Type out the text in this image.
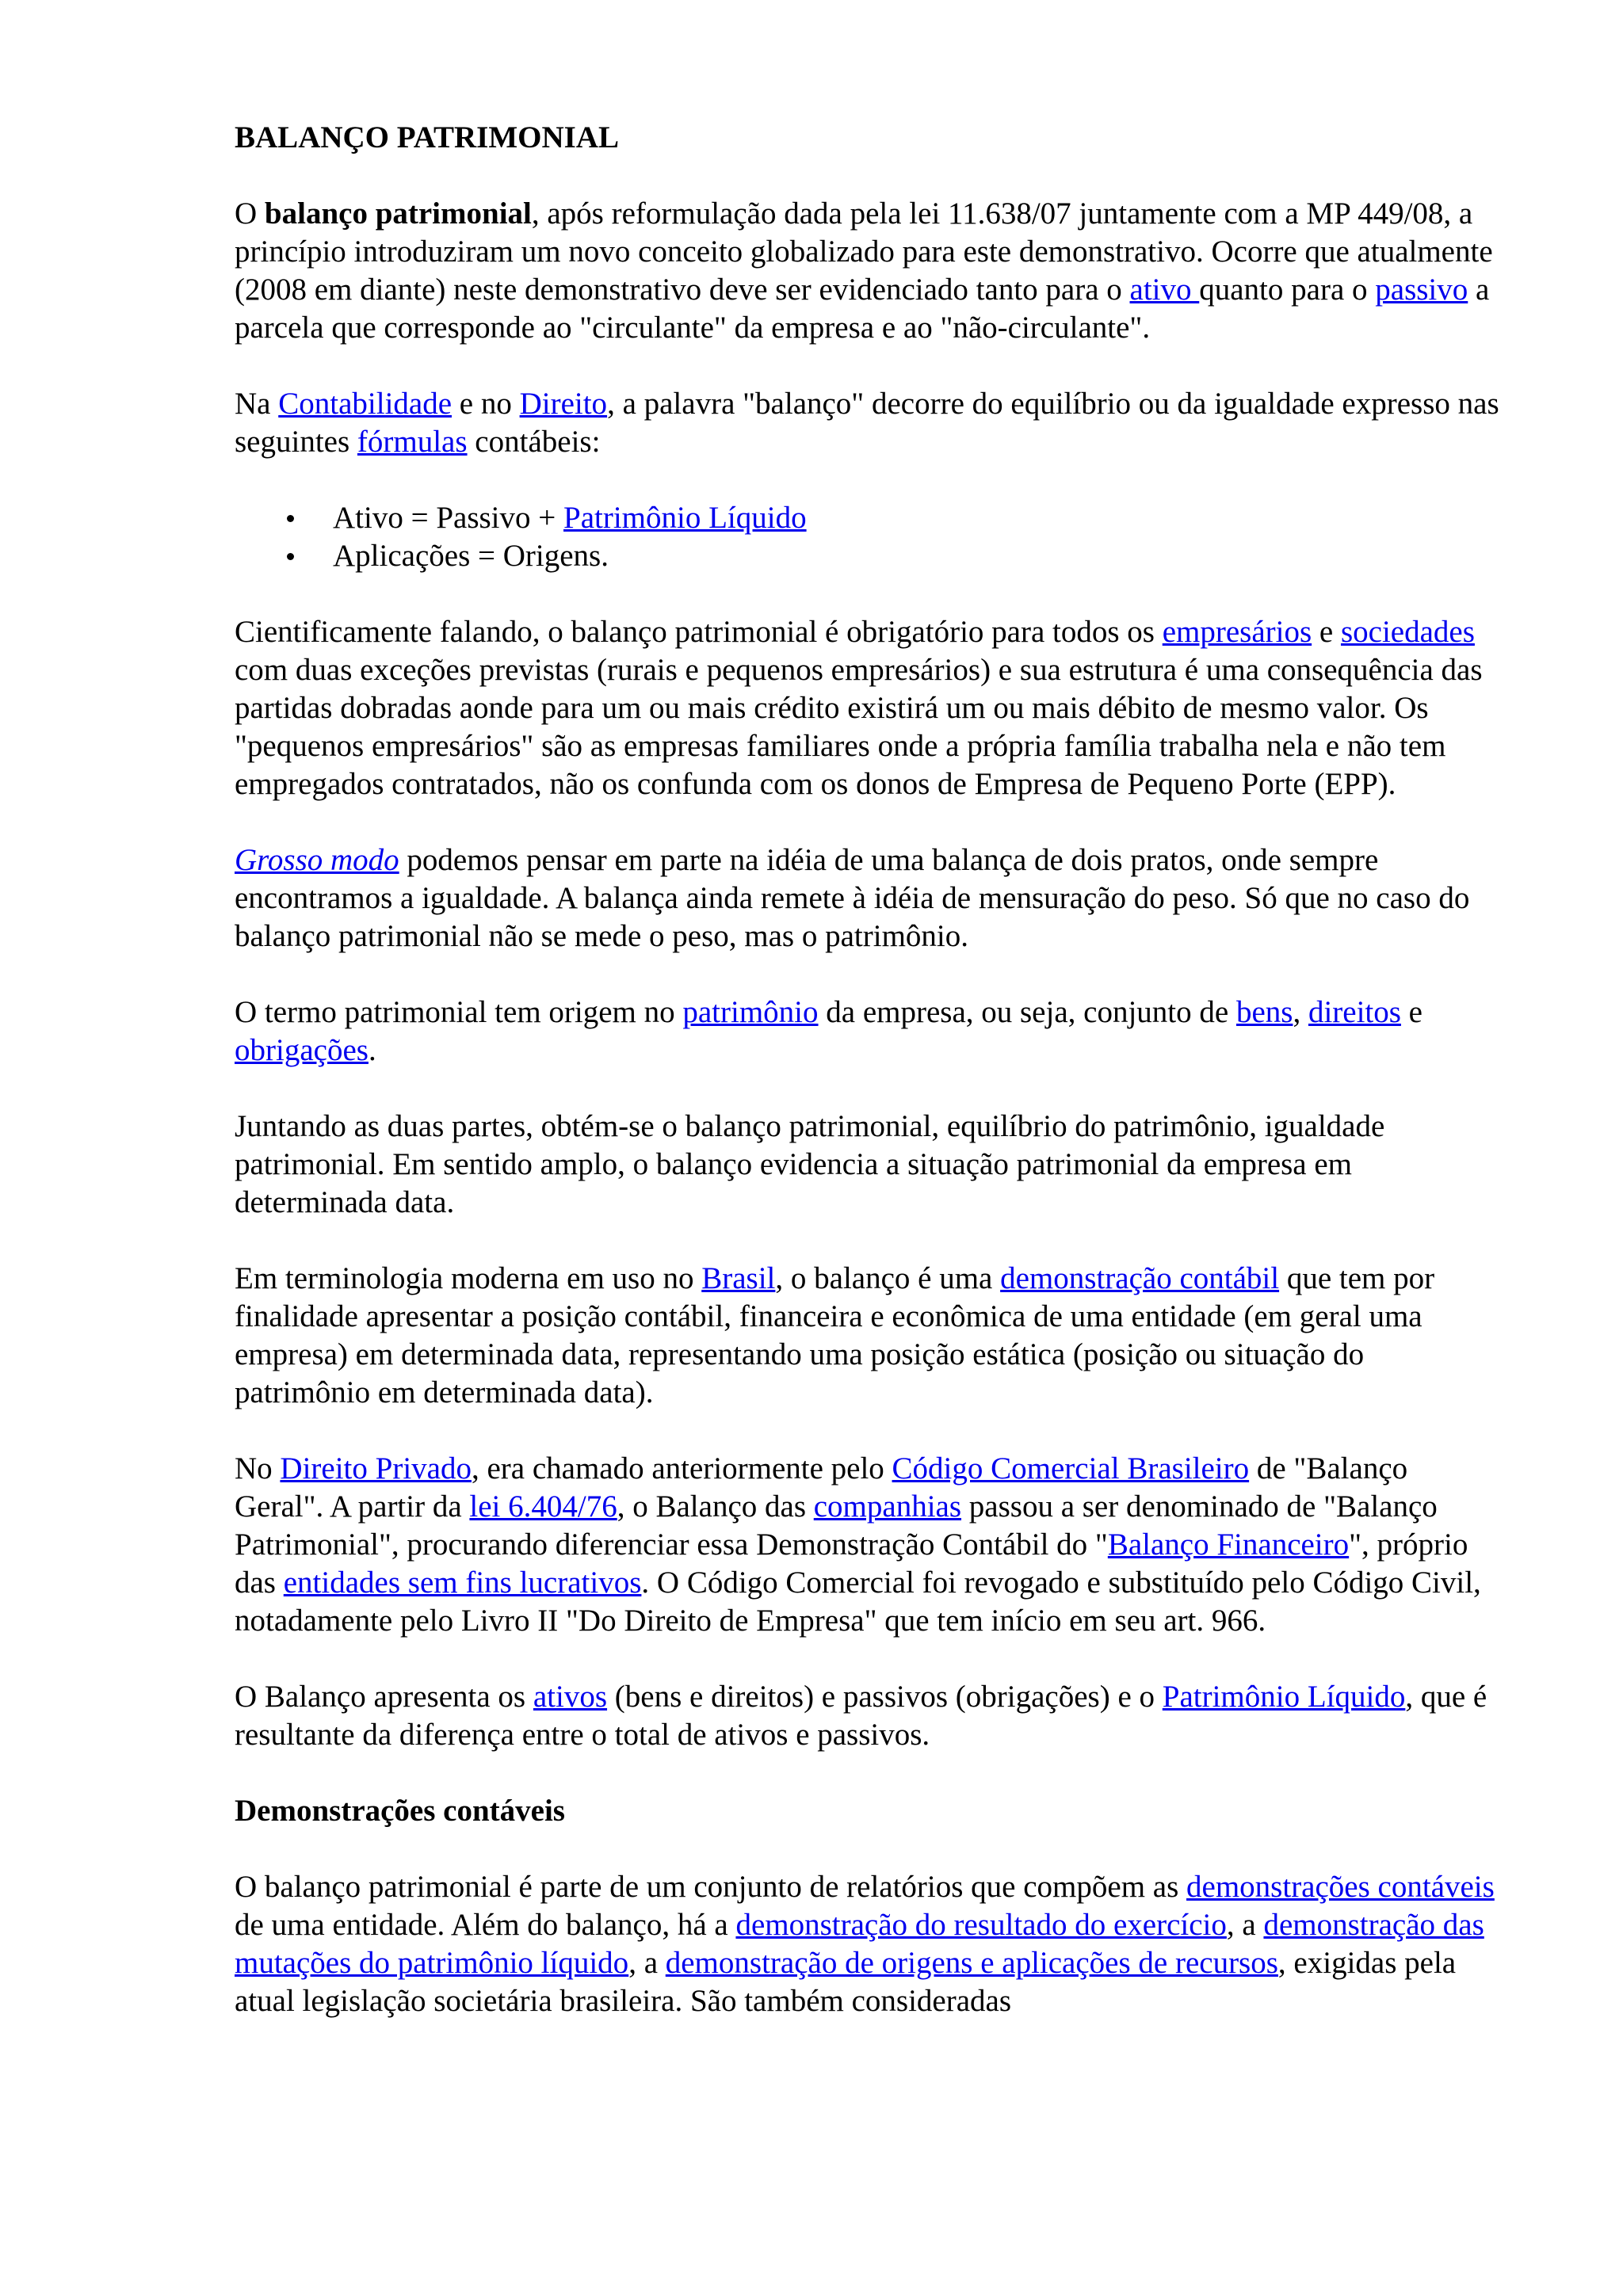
BALANÇO PATRIMONIAL

O balanço patrimonial, após reformulação dada pela lei 11.638/07 juntamente com a MP 449/08, a princípio introduziram um novo conceito globalizado para este demonstrativo. Ocorre que atualmente (2008 em diante) neste demonstrativo deve ser evidenciado tanto para o ativo quanto para o passivo a parcela que corresponde ao "circulante" da empresa e ao "não-circulante".

Na Contabilidade e no Direito, a palavra "balanço" decorre do equilíbrio ou da igualdade expresso nas seguintes fórmulas contábeis:

Ativo = Passivo + Patrimônio Líquido
Aplicações = Origens.

Cientificamente falando, o balanço patrimonial é obrigatório para todos os empresários e sociedades com duas exceções previstas (rurais e pequenos empresários) e sua estrutura é uma consequência das partidas dobradas aonde para um ou mais crédito existirá um ou mais débito de mesmo valor. Os "pequenos empresários" são as empresas familiares onde a própria família trabalha nela e não tem empregados contratados, não os confunda com os donos de Empresa de Pequeno Porte (EPP).

Grosso modo podemos pensar em parte na idéia de uma balança de dois pratos, onde sempre encontramos a igualdade. A balança ainda remete à idéia de mensuração do peso. Só que no caso do balanço patrimonial não se mede o peso, mas o patrimônio.

O termo patrimonial tem origem no patrimônio da empresa, ou seja, conjunto de bens, direitos e obrigações.

Juntando as duas partes, obtém-se o balanço patrimonial, equilíbrio do patrimônio, igualdade patrimonial. Em sentido amplo, o balanço evidencia a situação patrimonial da empresa em determinada data.

Em terminologia moderna em uso no Brasil, o balanço é uma demonstração contábil que tem por finalidade apresentar a posição contábil, financeira e econômica de uma entidade (em geral uma empresa) em determinada data, representando uma posição estática (posição ou situação do patrimônio em determinada data).

No Direito Privado, era chamado anteriormente pelo Código Comercial Brasileiro de "Balanço Geral". A partir da lei 6.404/76, o Balanço das companhias passou a ser denominado de "Balanço Patrimonial", procurando diferenciar essa Demonstração Contábil do "Balanço Financeiro", próprio das entidades sem fins lucrativos. O Código Comercial foi revogado e substituído pelo Código Civil, notadamente pelo Livro II "Do Direito de Empresa" que tem início em seu art. 966.

O Balanço apresenta os ativos (bens e direitos) e passivos (obrigações) e o Patrimônio Líquido, que é resultante da diferença entre o total de ativos e passivos.

Demonstrações contáveis

O balanço patrimonial é parte de um conjunto de relatórios que compõem as demonstrações contáveis de uma entidade. Além do balanço, há a demonstração do resultado do exercício, a demonstração das mutações do patrimônio líquido, a demonstração de origens e aplicações de recursos, exigidas pela atual legislação societária brasileira. São também consideradas
